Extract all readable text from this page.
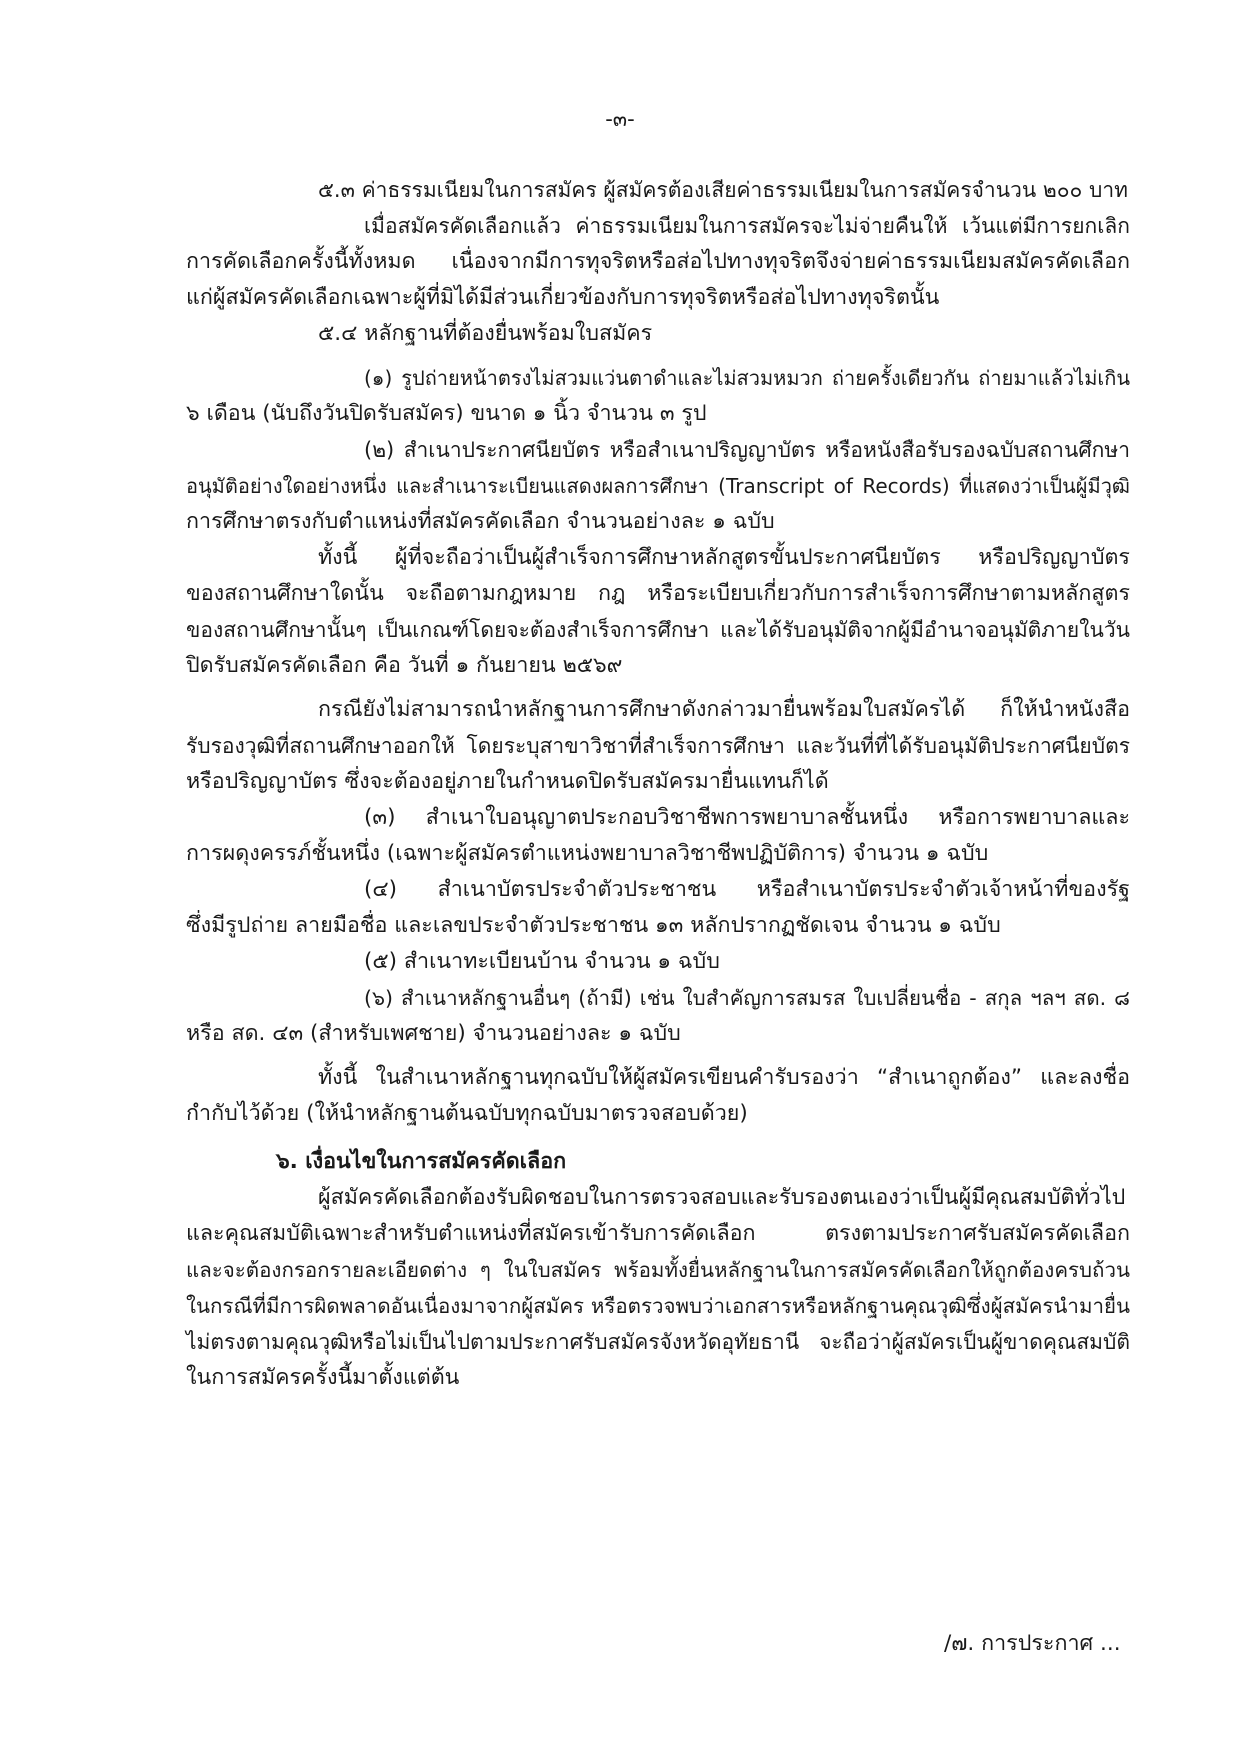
-๓-
๕.๓ ค่าธรรมเนียมในการสมัคร ผู้สมัครต้องเสียค่าธรรมเนียมในการสมัครจำนวน ๒๐๐ บาท
เมื่อสมัครคัดเลือกแล้ว ค่าธรรมเนียมในการสมัครจะไม่จ่ายคืนให้ เว้นแต่มีการยกเลิก
การคัดเลือกครั้งนี้ทั้งหมด เนื่องจากมีการทุจริตหรือส่อไปทางทุจริตจึงจ่ายค่าธรรมเนียมสมัครคัดเลือก
แก่ผู้สมัครคัดเลือกเฉพาะผู้ที่มิได้มีส่วนเกี่ยวข้องกับการทุจริตหรือส่อไปทางทุจริตนั้น
๕.๔ หลักฐานที่ต้องยื่นพร้อมใบสมัคร
(๑) รูปถ่ายหน้าตรงไม่สวมแว่นตาดำและไม่สวมหมวก ถ่ายครั้งเดียวกัน ถ่ายมาแล้วไม่เกิน
๖ เดือน (นับถึงวันปิดรับสมัคร) ขนาด ๑ นิ้ว จำนวน ๓ รูป
(๒) สำเนาประกาศนียบัตร หรือสำเนาปริญญาบัตร หรือหนังสือรับรองฉบับสถานศึกษา
อนุมัติอย่างใดอย่างหนึ่ง และสำเนาระเบียนแสดงผลการศึกษา (Transcript of Records) ที่แสดงว่าเป็นผู้มีวุฒิ
การศึกษาตรงกับตำแหน่งที่สมัครคัดเลือก จำนวนอย่างละ ๑ ฉบับ
ทั้งนี้ ผู้ที่จะถือว่าเป็นผู้สำเร็จการศึกษาหลักสูตรขั้นประกาศนียบัตร หรือปริญญาบัตร
ของสถานศึกษาใดนั้น จะถือตามกฎหมาย กฎ หรือระเบียบเกี่ยวกับการสำเร็จการศึกษาตามหลักสูตร
ของสถานศึกษานั้นๆ เป็นเกณฑ์โดยจะต้องสำเร็จการศึกษา และได้รับอนุมัติจากผู้มีอำนาจอนุมัติภายในวัน
ปิดรับสมัครคัดเลือก คือ วันที่ ๑ กันยายน ๒๕๖๙
กรณียังไม่สามารถนำหลักฐานการศึกษาดังกล่าวมายื่นพร้อมใบสมัครได้ ก็ให้นำหนังสือ
รับรองวุฒิที่สถานศึกษาออกให้ โดยระบุสาขาวิชาที่สำเร็จการศึกษา และวันที่ที่ได้รับอนุมัติประกาศนียบัตร
หรือปริญญาบัตร ซึ่งจะต้องอยู่ภายในกำหนดปิดรับสมัครมายื่นแทนก็ได้
(๓) สำเนาใบอนุญาตประกอบวิชาชีพการพยาบาลชั้นหนึ่ง หรือการพยาบาลและ
การผดุงครรภ์ชั้นหนึ่ง (เฉพาะผู้สมัครตำแหน่งพยาบาลวิชาชีพปฏิบัติการ) จำนวน ๑ ฉบับ
(๔) สำเนาบัตรประจำตัวประชาชน หรือสำเนาบัตรประจำตัวเจ้าหน้าที่ของรัฐ
ซึ่งมีรูปถ่าย ลายมือชื่อ และเลขประจำตัวประชาชน ๑๓ หลักปรากฏชัดเจน จำนวน ๑ ฉบับ
(๕) สำเนาทะเบียนบ้าน จำนวน ๑ ฉบับ
(๖) สำเนาหลักฐานอื่นๆ (ถ้ามี) เช่น ใบสำคัญการสมรส ใบเปลี่ยนชื่อ - สกุล ฯลฯ สด. ๘
หรือ สด. ๔๓ (สำหรับเพศชาย) จำนวนอย่างละ ๑ ฉบับ
ทั้งนี้ ในสำเนาหลักฐานทุกฉบับให้ผู้สมัครเขียนคำรับรองว่า “สำเนาถูกต้อง” และลงชื่อ
กำกับไว้ด้วย (ให้นำหลักฐานต้นฉบับทุกฉบับมาตรวจสอบด้วย)
๖. เงื่อนไขในการสมัครคัดเลือก
ผู้สมัครคัดเลือกต้องรับผิดชอบในการตรวจสอบและรับรองตนเองว่าเป็นผู้มีคุณสมบัติทั่วไป
และคุณสมบัติเฉพาะสำหรับตำแหน่งที่สมัครเข้ารับการคัดเลือก ตรงตามประกาศรับสมัครคัดเลือก
และจะต้องกรอกรายละเอียดต่าง ๆ ในใบสมัคร พร้อมทั้งยื่นหลักฐานในการสมัครคัดเลือกให้ถูกต้องครบถ้วน
ในกรณีที่มีการผิดพลาดอันเนื่องมาจากผู้สมัคร หรือตรวจพบว่าเอกสารหรือหลักฐานคุณวุฒิซึ่งผู้สมัครนำมายื่น
ไม่ตรงตามคุณวุฒิหรือไม่เป็นไปตามประกาศรับสมัครจังหวัดอุทัยธานี จะถือว่าผู้สมัครเป็นผู้ขาดคุณสมบัติ
ในการสมัครครั้งนี้มาตั้งแต่ต้น
/๗. การประกาศ ...
